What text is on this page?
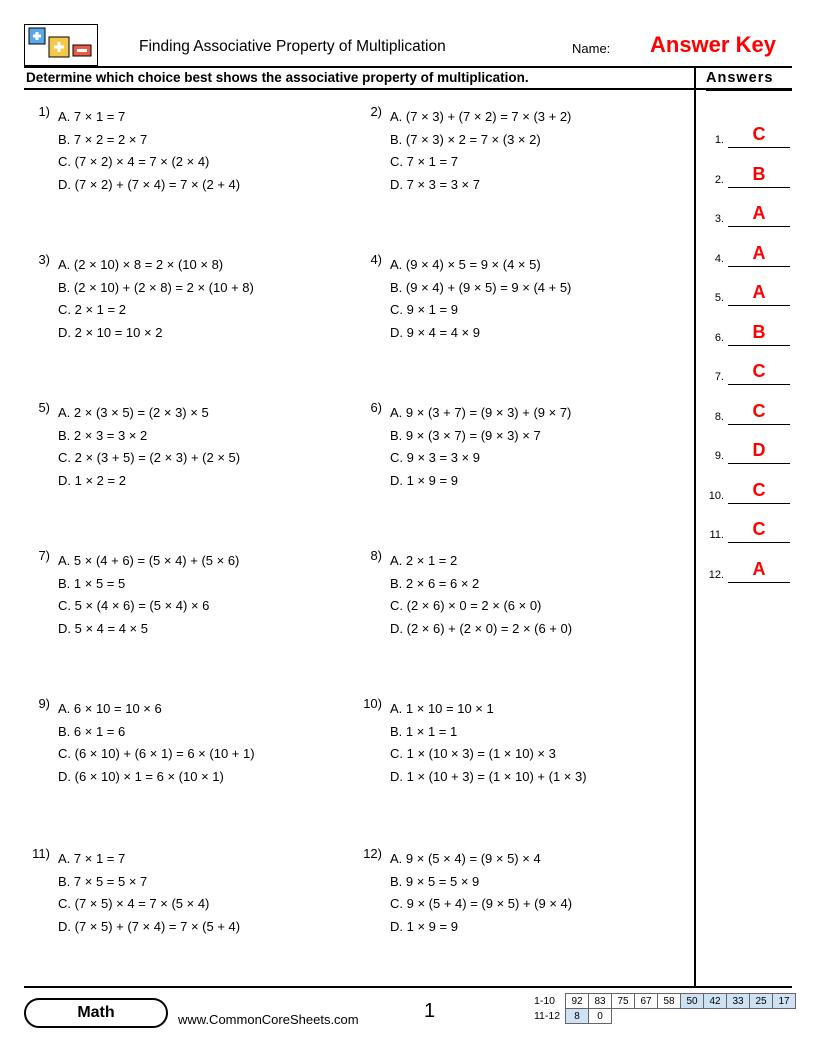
Finding Associative Property of Multiplication	Name: Answer Key
Determine which choice best shows the associative property of multiplication.	Answers
1.	C
2.	B
3.	A
4.	A
5.	A
6.	B
7.	C
8.	C
9.	D
10.	C
11.	C
12.	A
1) A. 7 × 1 = 7
B. 7 × 2 = 2 × 7
C. (7 × 2) × 4 = 7 × (2 × 4)
D. (7 × 2) + (7 × 4) = 7 × (2 + 4)
2) A. (7 × 3) + (7 × 2) = 7 × (3 + 2)
B. (7 × 3) × 2 = 7 × (3 × 2)
C. 7 × 1 = 7
D. 7 × 3 = 3 × 7
3) A. (2 × 10) × 8 = 2 × (10 × 8)
B. (2 × 10) + (2 × 8) = 2 × (10 + 8)
C. 2 × 1 = 2
D. 2 × 10 = 10 × 2
4) A. (9 × 4) × 5 = 9 × (4 × 5)
B. (9 × 4) + (9 × 5) = 9 × (4 + 5)
C. 9 × 1 = 9
D. 9 × 4 = 4 × 9
5) A. 2 × (3 × 5) = (2 × 3) × 5
B. 2 × 3 = 3 × 2
C. 2 × (3 + 5) = (2 × 3) + (2 × 5)
D. 1 × 2 = 2
6) A. 9 × (3 + 7) = (9 × 3) + (9 × 7)
B. 9 × (3 × 7) = (9 × 3) × 7
C. 9 × 3 = 3 × 9
D. 1 × 9 = 9
7) A. 5 × (4 + 6) = (5 × 4) + (5 × 6)
B. 1 × 5 = 5
C. 5 × (4 × 6) = (5 × 4) × 6
D. 5 × 4 = 4 × 5
8) A. 2 × 1 = 2
B. 2 × 6 = 6 × 2
C. (2 × 6) × 0 = 2 × (6 × 0)
D. (2 × 6) + (2 × 0) = 2 × (6 + 0)
9) A. 6 × 10 = 10 × 6
B. 6 × 1 = 6
C. (6 × 10) + (6 × 1) = 6 × (10 + 1)
D. (6 × 10) × 1 = 6 × (10 × 1)
10) A. 1 × 10 = 10 × 1
B. 1 × 1 = 1
C. 1 × (10 × 3) = (1 × 10) × 3
D. 1 × (10 + 3) = (1 × 10) + (1 × 3)
11) A. 7 × 1 = 7
B. 7 × 5 = 5 × 7
C. (7 × 5) × 4 = 7 × (5 × 4)
D. (7 × 5) + (7 × 4) = 7 × (5 + 4)
12) A. 9 × (5 × 4) = (9 × 5) × 4
B. 9 × 5 = 5 × 9
C. 9 × (5 + 4) = (9 × 5) + (9 × 4)
D. 1 × 9 = 9
Math	www.CommonCoreSheets.com	1	1-10	92	83	75	67	58	50	42	33	25	17
11-12	8	0								
